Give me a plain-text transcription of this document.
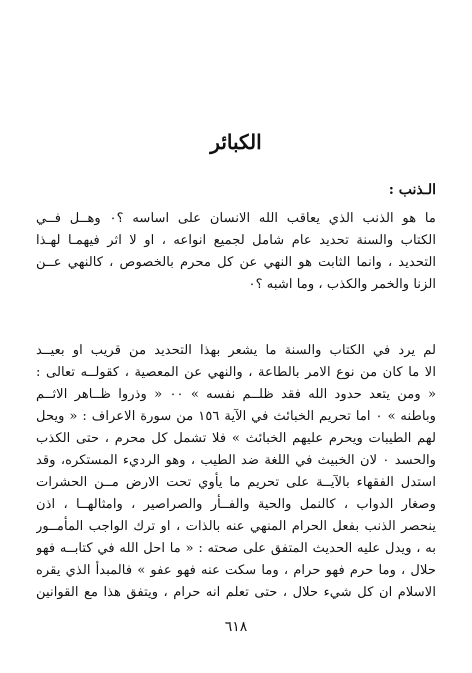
الكبائر
الـذنب :
ما هو الذنب الذي يعاقب الله الانسان على اساسه ؟٠ وهــل فــي
الكتاب والسنة تحديد عام شامل لجميع انواعه ، او لا اثر فيهمـا لهـذا
التحديد ، وانما الثابت هو النهي عن كل محرم بالخصوص ، كالنهي عــن
الزنا والخمر والكذب ، وما اشبه ؟٠
لم يرد في الكتاب والسنة ما يشعر بهذا التحديد من قريب او بعيــد
الا ما كان من نوع الامر بالطاعة ، والنهي عن المعصية ، كقولــه تعالى :
« ومن يتعد حدود الله فقد ظلــم نفسه » ٠٠ « وذروا ظــاهر الاثــم
وباطنه » ٠ اما تحريم الخبائث في الآية ١٥٦ من سورة الاعراف : « ويحل
لهم الطيبات ويحرم عليهم الخبائث » فلا تشمل كل محرم ، حتى الكذب
والحسد ٠ لان الخبيث في اللغة ضد الطيب ، وهو الرديء المستكره، وقد
استدل الفقهاء بالآيــة على تحريم ما يأوي تحت الارض مــن الحشرات
وصغار الدواب ، كالنمل والحية والفــأر والصراصير ، وامثالهــا ، اذن
ينحصر الذنب بفعل الحرام المنهي عنه بالذات ، او ترك الواجب المأمــور
به ، ويدل عليه الحديث المتفق على صحته : « ما احل الله في كتابــه فهو
حلال ، وما حرم فهو حرام ، وما سكت عنه فهو عفو » فالمبدأ الذي يقره
الاسلام ان كل شيء حلال ، حتى تعلم انه حرام ، ويتفق هذا مع القوانين
٦١٨
